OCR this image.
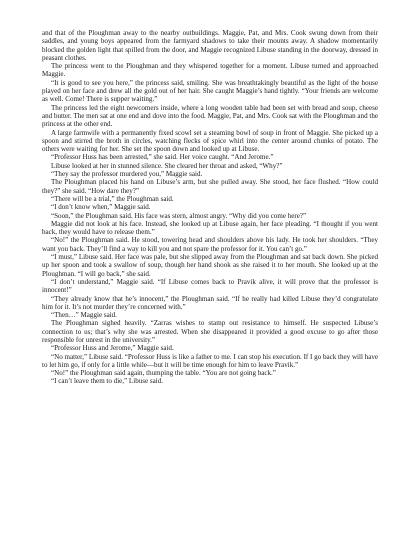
and that of the Ploughman away to the nearby outbuildings. Maggie, Pat, and Mrs. Cook swung down from their saddles, and young boys appeared from the farmyard shadows to take their mounts away. A shadow momentarily blocked the golden light that spilled from the door, and Maggie recognized Libuse standing in the doorway, dressed in peasant clothes.

The princess went to the Ploughman and they whispered together for a moment. Libuse turned and approached Maggie.

“It is good to see you here,” the princess said, smiling. She was breathtakingly beautiful as the light of the house played on her face and drew all the gold out of her hair. She caught Maggie’s hand tightly. “Your friends are welcome as well. Come! There is supper waiting.”

The princess led the eight newcomers inside, where a long wooden table had been set with bread and soup, cheese and butter. The men sat at one end and dove into the food. Maggie, Pat, and Mrs. Cook sat with the Ploughman and the princess at the other end.

A large farmwife with a permanently fixed scowl set a steaming bowl of soup in front of Maggie. She picked up a spoon and stirred the broth in circles, watching flecks of spice whirl into the center around chunks of potato. The others were waiting for her. She set the spoon down and looked up at Libuse.

“Professor Huss has been arrested,” she said. Her voice caught. “And Jerome.”

Libuse looked at her in stunned silence. She cleared her throat and asked, “Why?”

“They say the professor murdered you,” Maggie said.

The Ploughman placed his hand on Libuse’s arm, but she pulled away. She stood, her face flushed. “How could they?” she said. “How dare they?”

“There will be a trial,” the Ploughman said.

“I don’t know when,” Maggie said.

“Soon,” the Ploughman said. His face was stern, almost angry. “Why did you come here?”

Maggie did not look at his face. Instead, she looked up at Libuse again, her face pleading. “I thought if you went back, they would have to release them.”

“No!” the Ploughman said. He stood, towering head and shoulders above his lady. He took her shoulders. “They want you back. They’ll find a way to kill you and not spare the professor for it. You can’t go.”

“I must,” Libuse said. Her face was pale, but she slipped away from the Ploughman and sat back down. She picked up her spoon and took a swallow of soup, though her hand shook as she raised it to her mouth. She looked up at the Ploughman. “I will go back,” she said.

“I don’t understand,” Maggie said. “If Libuse comes back to Pravik alive, it will prove that the professor is innocent!”

“They already know that he’s innocent,” the Ploughman said. “If he really had killed Libuse they’d congratulate him for it. It’s not murder they’re concerned with.”

“Then…” Maggie said.

The Ploughman sighed heavily. “Zarras wishes to stamp out resistance to himself. He suspected Libuse’s connection to us; that’s why she was arrested. When she disappeared it provided a good excuse to go after those responsible for unrest in the university.”

“Professor Huss and Jerome,” Maggie said.

“No matter,” Libuse said. “Professor Huss is like a father to me. I can stop his execution. If I go back they will have to let him go, if only for a little while—but it will be time enough for him to leave Pravik.”

“No!” the Ploughman said again, thumping the table. “You are not going back.”

“I can’t leave them to die,” Libuse said.
